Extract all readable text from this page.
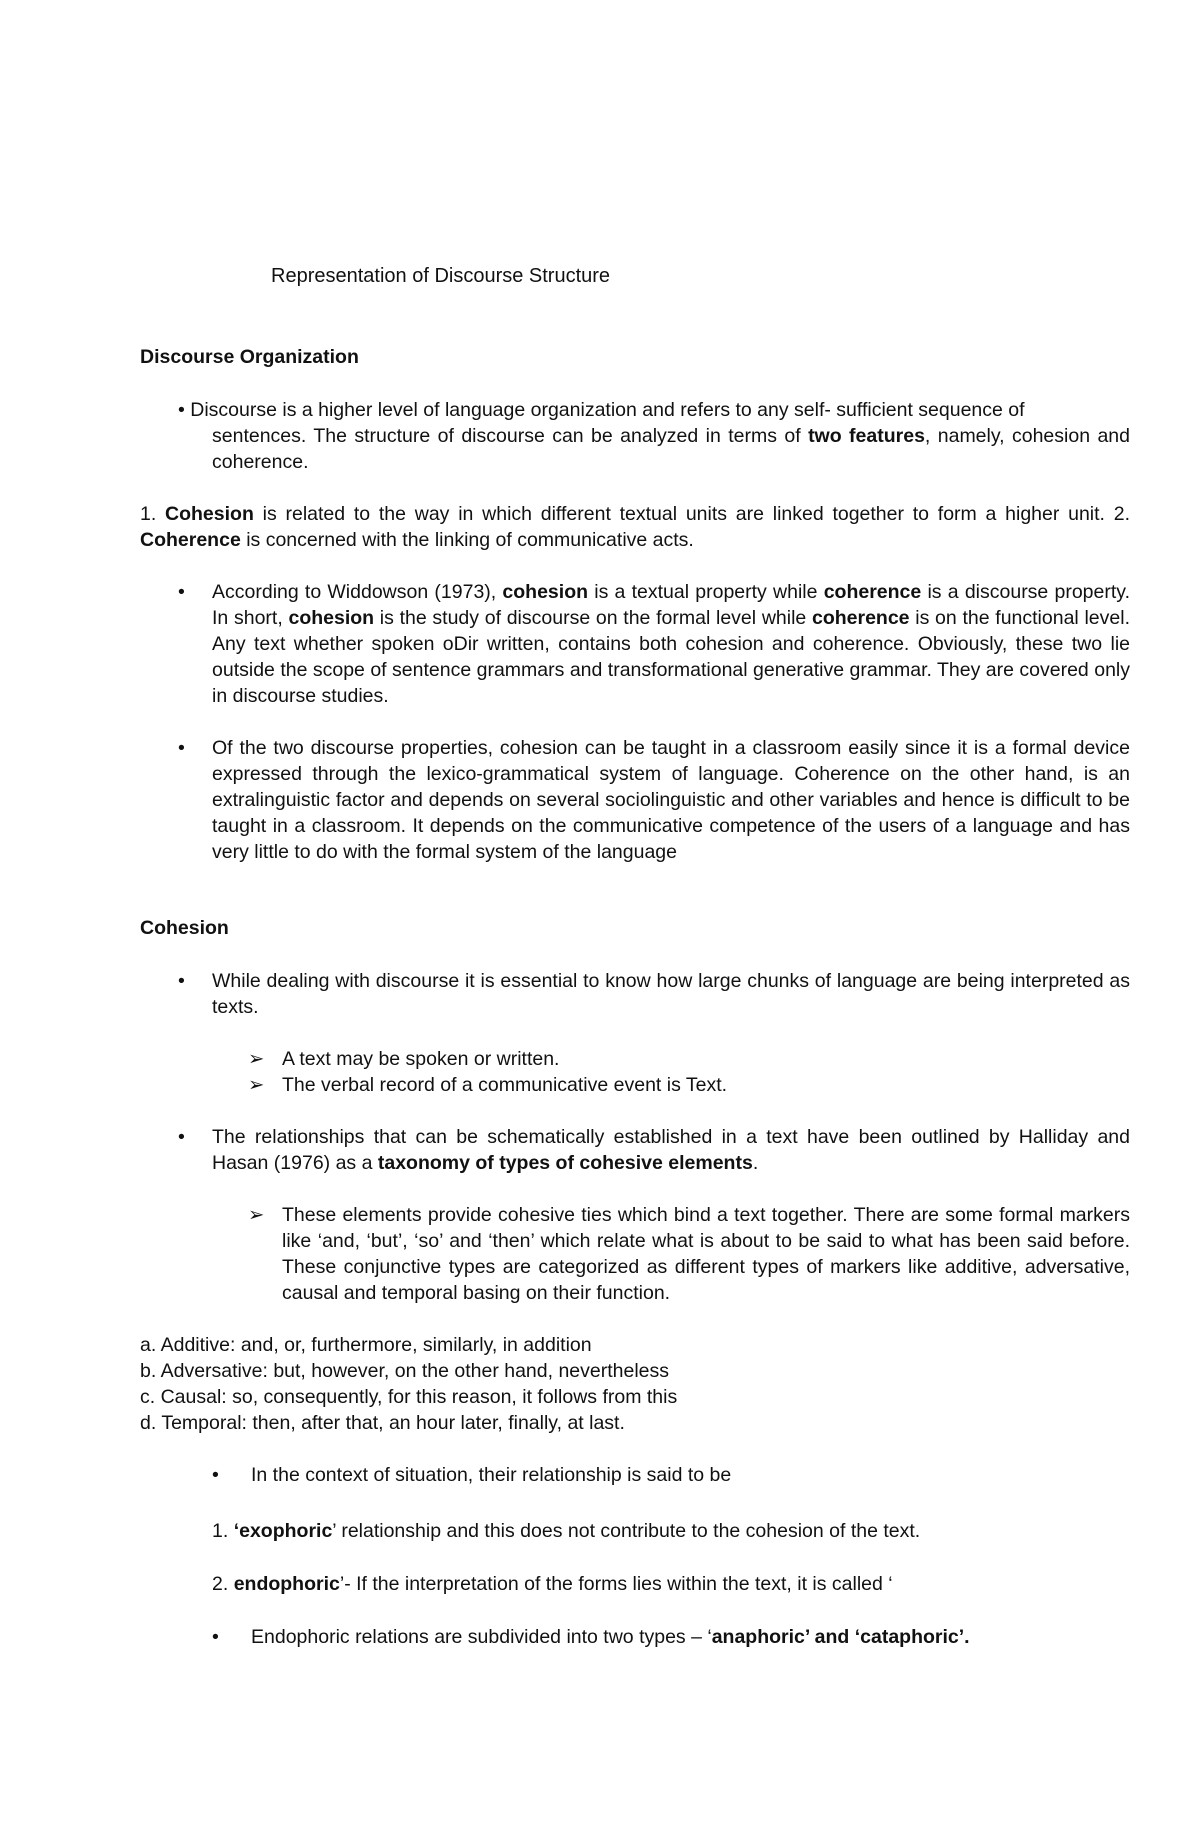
Representation of Discourse Structure
Discourse Organization
• Discourse is a higher level of language organization and refers to any self- sufficient sequence of
sentences. The structure of discourse can be analyzed in terms of two features, namely, cohesion and coherence.
1. Cohesion is related to the way in which different textual units are linked together to form a higher unit. 2. Coherence is concerned with the linking of communicative acts.
• According to Widdowson (1973), cohesion is a textual property while coherence is a discourse property. In short, cohesion is the study of discourse on the formal level while coherence is on the functional level. Any text whether spoken oDir written, contains both cohesion and coherence. Obviously, these two lie outside the scope of sentence grammars and transformational generative grammar. They are covered only in discourse studies.
• Of the two discourse properties, cohesion can be taught in a classroom easily since it is a formal device expressed through the lexico-grammatical system of language. Coherence on the other hand, is an extralinguistic factor and depends on several sociolinguistic and other variables and hence is difficult to be taught in a classroom. It depends on the communicative competence of the users of a language and has very little to do with the formal system of the language
Cohesion
• While dealing with discourse it is essential to know how large chunks of language are being interpreted as texts.
➢ A text may be spoken or written.
➢ The verbal record of a communicative event is Text.
• The relationships that can be schematically established in a text have been outlined by Halliday and Hasan (1976) as a taxonomy of types of cohesive elements.
➢ These elements provide cohesive ties which bind a text together. There are some formal markers like ‘and, ‘but’, ‘so’ and ‘then’ which relate what is about to be said to what has been said before. These conjunctive types are categorized as different types of markers like additive, adversative, causal and temporal basing on their function.
a. Additive: and, or, furthermore, similarly, in addition
b. Adversative: but, however, on the other hand, nevertheless
c. Causal: so, consequently, for this reason, it follows from this
d. Temporal: then, after that, an hour later, finally, at last.
• In the context of situation, their relationship is said to be
1. ‘exophoric’ relationship and this does not contribute to the cohesion of the text.
2. endophoric’- If the interpretation of the forms lies within the text, it is called ‘
• Endophoric relations are subdivided into two types – ‘anaphoric’ and ‘cataphoric’.
